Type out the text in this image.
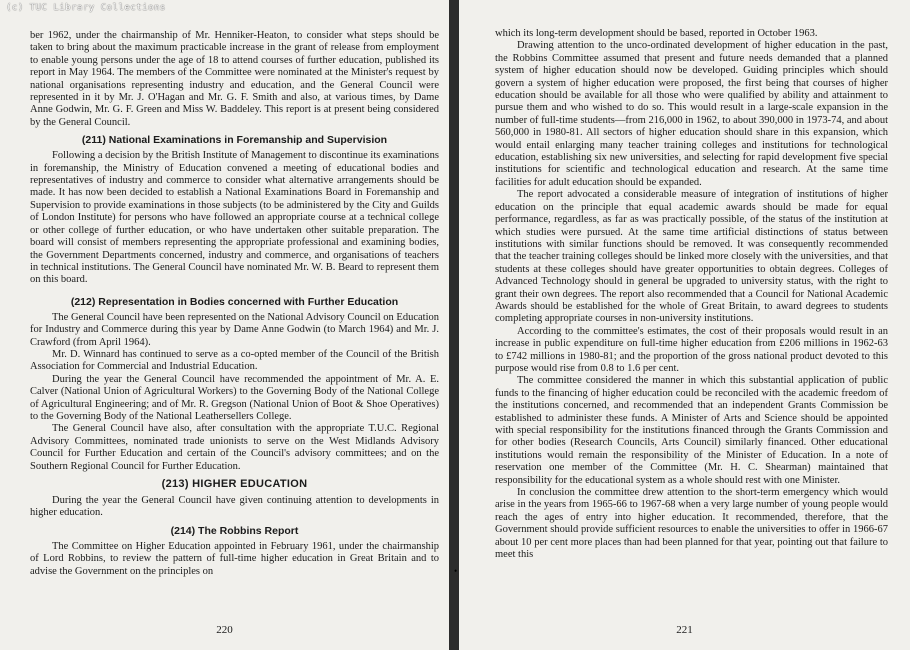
(c) TUC Library Collections

ber 1962, under the chairmanship of Mr. Henniker-Heaton, to consider what steps should be taken to bring about the maximum practicable increase in the grant of release from employment to enable young persons under the age of 18 to attend courses of further education, published its report in May 1964. The members of the Committee were nominated at the Minister's request by national organisations representing industry and education, and the General Council were represented in it by Mr. J. O'Hagan and Mr. G. F. Smith and also, at various times, by Dame Anne Godwin, Mr. G. F. Green and Miss W. Baddeley. This report is at present being considered by the General Council.

(211) National Examinations in Foremanship and Supervision

Following a decision by the British Institute of Management to discontinue its examinations in foremanship, the Ministry of Education convened a meeting of educational bodies and representatives of industry and commerce to consider what alternative arrangements should be made. It has now been decided to establish a National Examinations Board in Foremanship and Supervision to provide examinations in those subjects (to be administered by the City and Guilds of London Institute) for persons who have followed an appropriate course at a technical college or other college of further education, or who have undertaken other suitable preparation. The board will consist of members representing the appropriate professional and examining bodies, the Government Departments concerned, industry and commerce, and organisations of teachers in technical institutions. The General Council have nominated Mr. W. B. Beard to represent them on this board.

(212) Representation in Bodies concerned with Further Education

The General Council have been represented on the National Advisory Council on Education for Industry and Commerce during this year by Dame Anne Godwin (to March 1964) and Mr. J. Crawford (from April 1964).

Mr. D. Winnard has continued to serve as a co-opted member of the Council of the British Association for Commercial and Industrial Education.

During the year the General Council have recommended the appointment of Mr. A. E. Calver (National Union of Agricultural Workers) to the Governing Body of the National College of Agricultural Engineering; and of Mr. R. Gregson (National Union of Boot & Shoe Operatives) to the Governing Body of the National Leathersellers College.

The General Council have also, after consultation with the appropriate T.U.C. Regional Advisory Committees, nominated trade unionists to serve on the West Midlands Advisory Council for Further Education and certain of the Council's advisory committees; and on the Southern Regional Council for Further Education.

(213) HIGHER EDUCATION

During the year the General Council have given continuing attention to developments in higher education.

(214) The Robbins Report

The Committee on Higher Education appointed in February 1961, under the chairmanship of Lord Robbins, to review the pattern of full-time higher education in Great Britain and to advise the Government on the principles on

220
•

which its long-term development should be based, reported in October 1963.

Drawing attention to the unco-ordinated development of higher education in the past, the Robbins Committee assumed that present and future needs demanded that a planned system of higher education should now be developed. Guiding principles which should govern a system of higher education were proposed, the first being that courses of higher education should be available for all those who were qualified by ability and attainment to pursue them and who wished to do so. This would result in a large-scale expansion in the number of full-time students—from 216,000 in 1962, to about 390,000 in 1973-74, and about 560,000 in 1980-81. All sectors of higher education should share in this expansion, which would entail enlarging many teacher training colleges and institutions for technological education, establishing six new universities, and selecting for rapid development five special institutions for scientific and technological education and research. At the same time facilities for adult education should be expanded.

The report advocated a considerable measure of integration of institutions of higher education on the principle that equal academic awards should be made for equal performance, regardless, as far as was practically possible, of the status of the institution at which studies were pursued. At the same time artificial distinctions of status between institutions with similar functions should be removed. It was consequently recommended that the teacher training colleges should be linked more closely with the universities, and that students at these colleges should have greater opportunities to obtain degrees. Colleges of Advanced Technology should in general be upgraded to university status, with the right to grant their own degrees. The report also recommended that a Council for National Academic Awards should be established for the whole of Great Britain, to award degrees to students completing appropriate courses in non-university institutions.

According to the committee's estimates, the cost of their proposals would result in an increase in public expenditure on full-time higher education from £206 millions in 1962-63 to £742 millions in 1980-81; and the proportion of the gross national product devoted to this purpose would rise from 0.8 to 1.6 per cent.

The committee considered the manner in which this substantial application of public funds to the financing of higher education could be reconciled with the academic freedom of the institutions concerned, and recommended that an independent Grants Commission be established to administer these funds. A Minister of Arts and Science should be appointed with special responsibility for the institutions financed through the Grants Commission and for other bodies (Research Councils, Arts Council) similarly financed. Other educational institutions would remain the responsibility of the Minister of Education. In a note of reservation one member of the Committee (Mr. H. C. Shearman) maintained that responsibility for the educational system as a whole should rest with one Minister.

In conclusion the committee drew attention to the short-term emergency which would arise in the years from 1965-66 to 1967-68 when a very large number of young people would reach the ages of entry into higher education. It recommended, therefore, that the Government should provide sufficient resources to enable the universities to offer in 1966-67 about 10 per cent more places than had been planned for that year, pointing out that failure to meet this

221
